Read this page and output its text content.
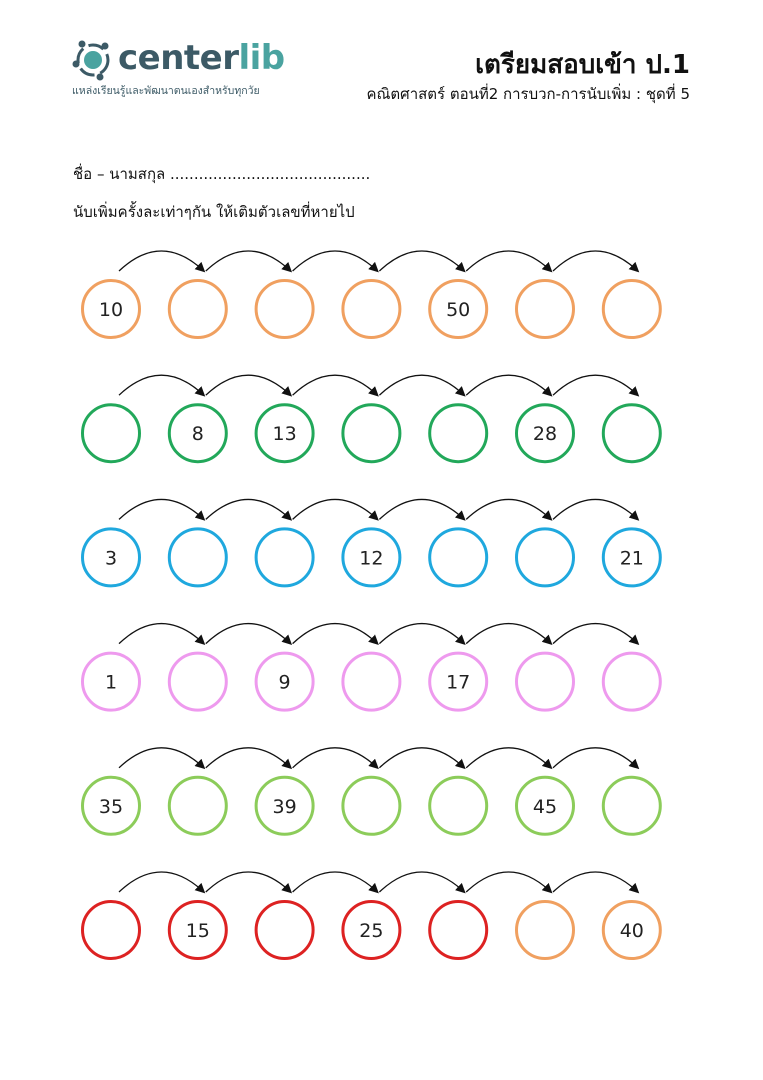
centerlib
แหล่งเรียนรู้และพัฒนาตนเองสำหรับทุกวัย
เตรียมสอบเข้า ป.1
คณิตศาสตร์ ตอนที่2 การบวก-การนับเพิ่ม : ชุดที่ 5
ชื่อ – นามสกุล ..........................................
นับเพิ่มครั้งละเท่าๆกัน ให้เติมตัวเลขที่หายไป
10	50
8	13	28
3	12	21
1	9	17
35	39	45
15	25	40
